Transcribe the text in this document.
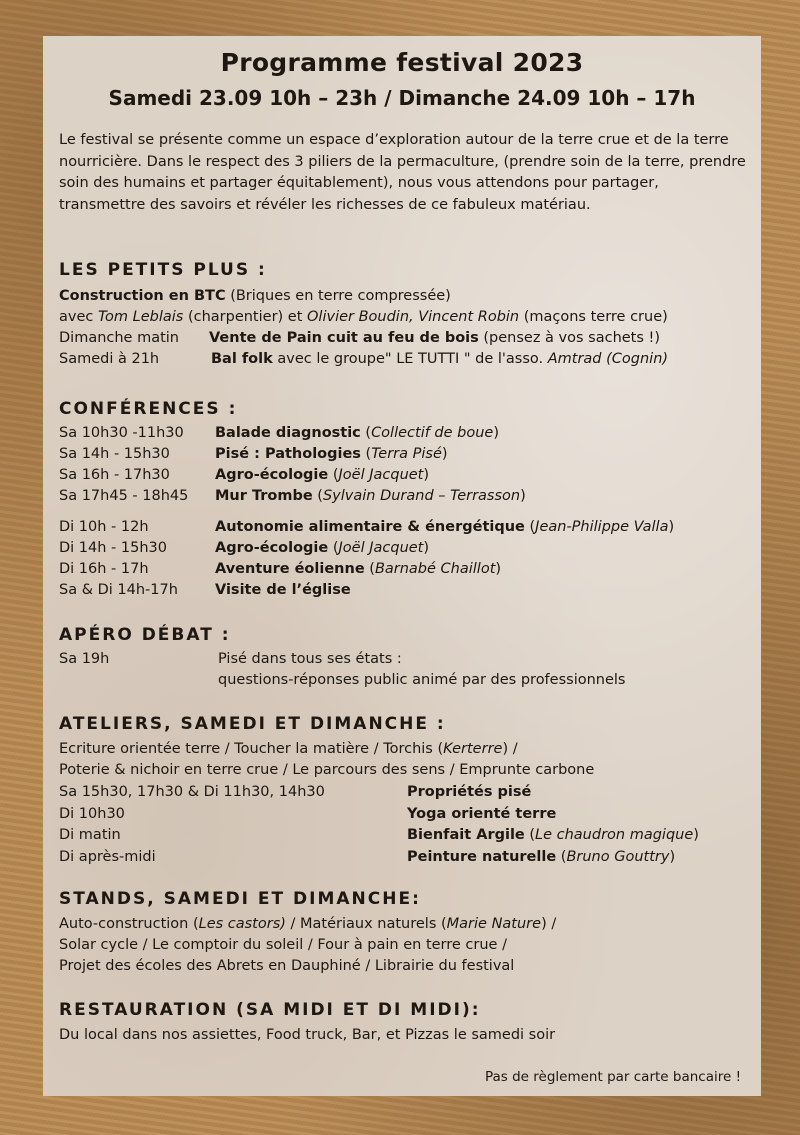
Programme festival 2023
Samedi 23.09 10h – 23h / Dimanche 24.09 10h – 17h

Le festival se présente comme un espace d’exploration autour de la terre crue et de la terre nourricière. Dans le respect des 3 piliers de la permaculture, (prendre soin de la terre, prendre soin des humains et partager équitablement), nous vous attendons pour partager, transmettre des savoirs et révéler les richesses de ce fabuleux matériau.

LES PETITS PLUS :
Construction en BTC (Briques en terre compressée)
avec Tom Leblais (charpentier) et Olivier Boudin, Vincent Robin (maçons terre crue)
Dimanche matin Vente de Pain cuit au feu de bois (pensez à vos sachets !)
Samedi à 21h	Bal folk avec le groupe" LE TUTTI " de l'asso. Amtrad (Cognin)
CONFÉRENCES :
Sa 10h30 -11h30 Balade diagnostic (Collectif de boue)
Sa 14h - 15h30	Pisé : Pathologies (Terra Pisé)
Sa 16h - 17h30	Agro-écologie (Joël Jacquet)
Sa 17h45 - 18h45 Mur Trombe (Sylvain Durand – Terrasson)
Di 10h - 12h	Autonomie alimentaire & énergétique (Jean-Philippe Valla)
Di 14h - 15h30	Agro-écologie (Joël Jacquet)
Di 16h - 17h	Aventure éolienne (Barnabé Chaillot)
Sa & Di 14h-17h	Visite de l’église
APÉRO DÉBAT :
Sa 19h	Pisé dans tous ses états :
questions-réponses public animé par des professionnels
ATELIERS, SAMEDI ET DIMANCHE :
Ecriture orientée terre / Toucher la matière / Torchis (Kerterre) /
Poterie & nichoir en terre crue / Le parcours des sens / Emprunte carbone
Sa 15h30, 17h30 & Di 11h30, 14h30	Propriétés pisé
Di 10h30	Yoga orienté terre
Di matin	Bienfait Argile (Le chaudron magique)
Di après-midi	Peinture naturelle (Bruno Gouttry)
STANDS, SAMEDI ET DIMANCHE:
Auto-construction (Les castors) / Matériaux naturels (Marie Nature) /
Solar cycle / Le comptoir du soleil / Four à pain en terre crue /
Projet des écoles des Abrets en Dauphiné / Librairie du festival
RESTAURATION (SA MIDI ET DI MIDI):
Du local dans nos assiettes, Food truck, Bar, et Pizzas le samedi soir
Pas de règlement par carte bancaire !
